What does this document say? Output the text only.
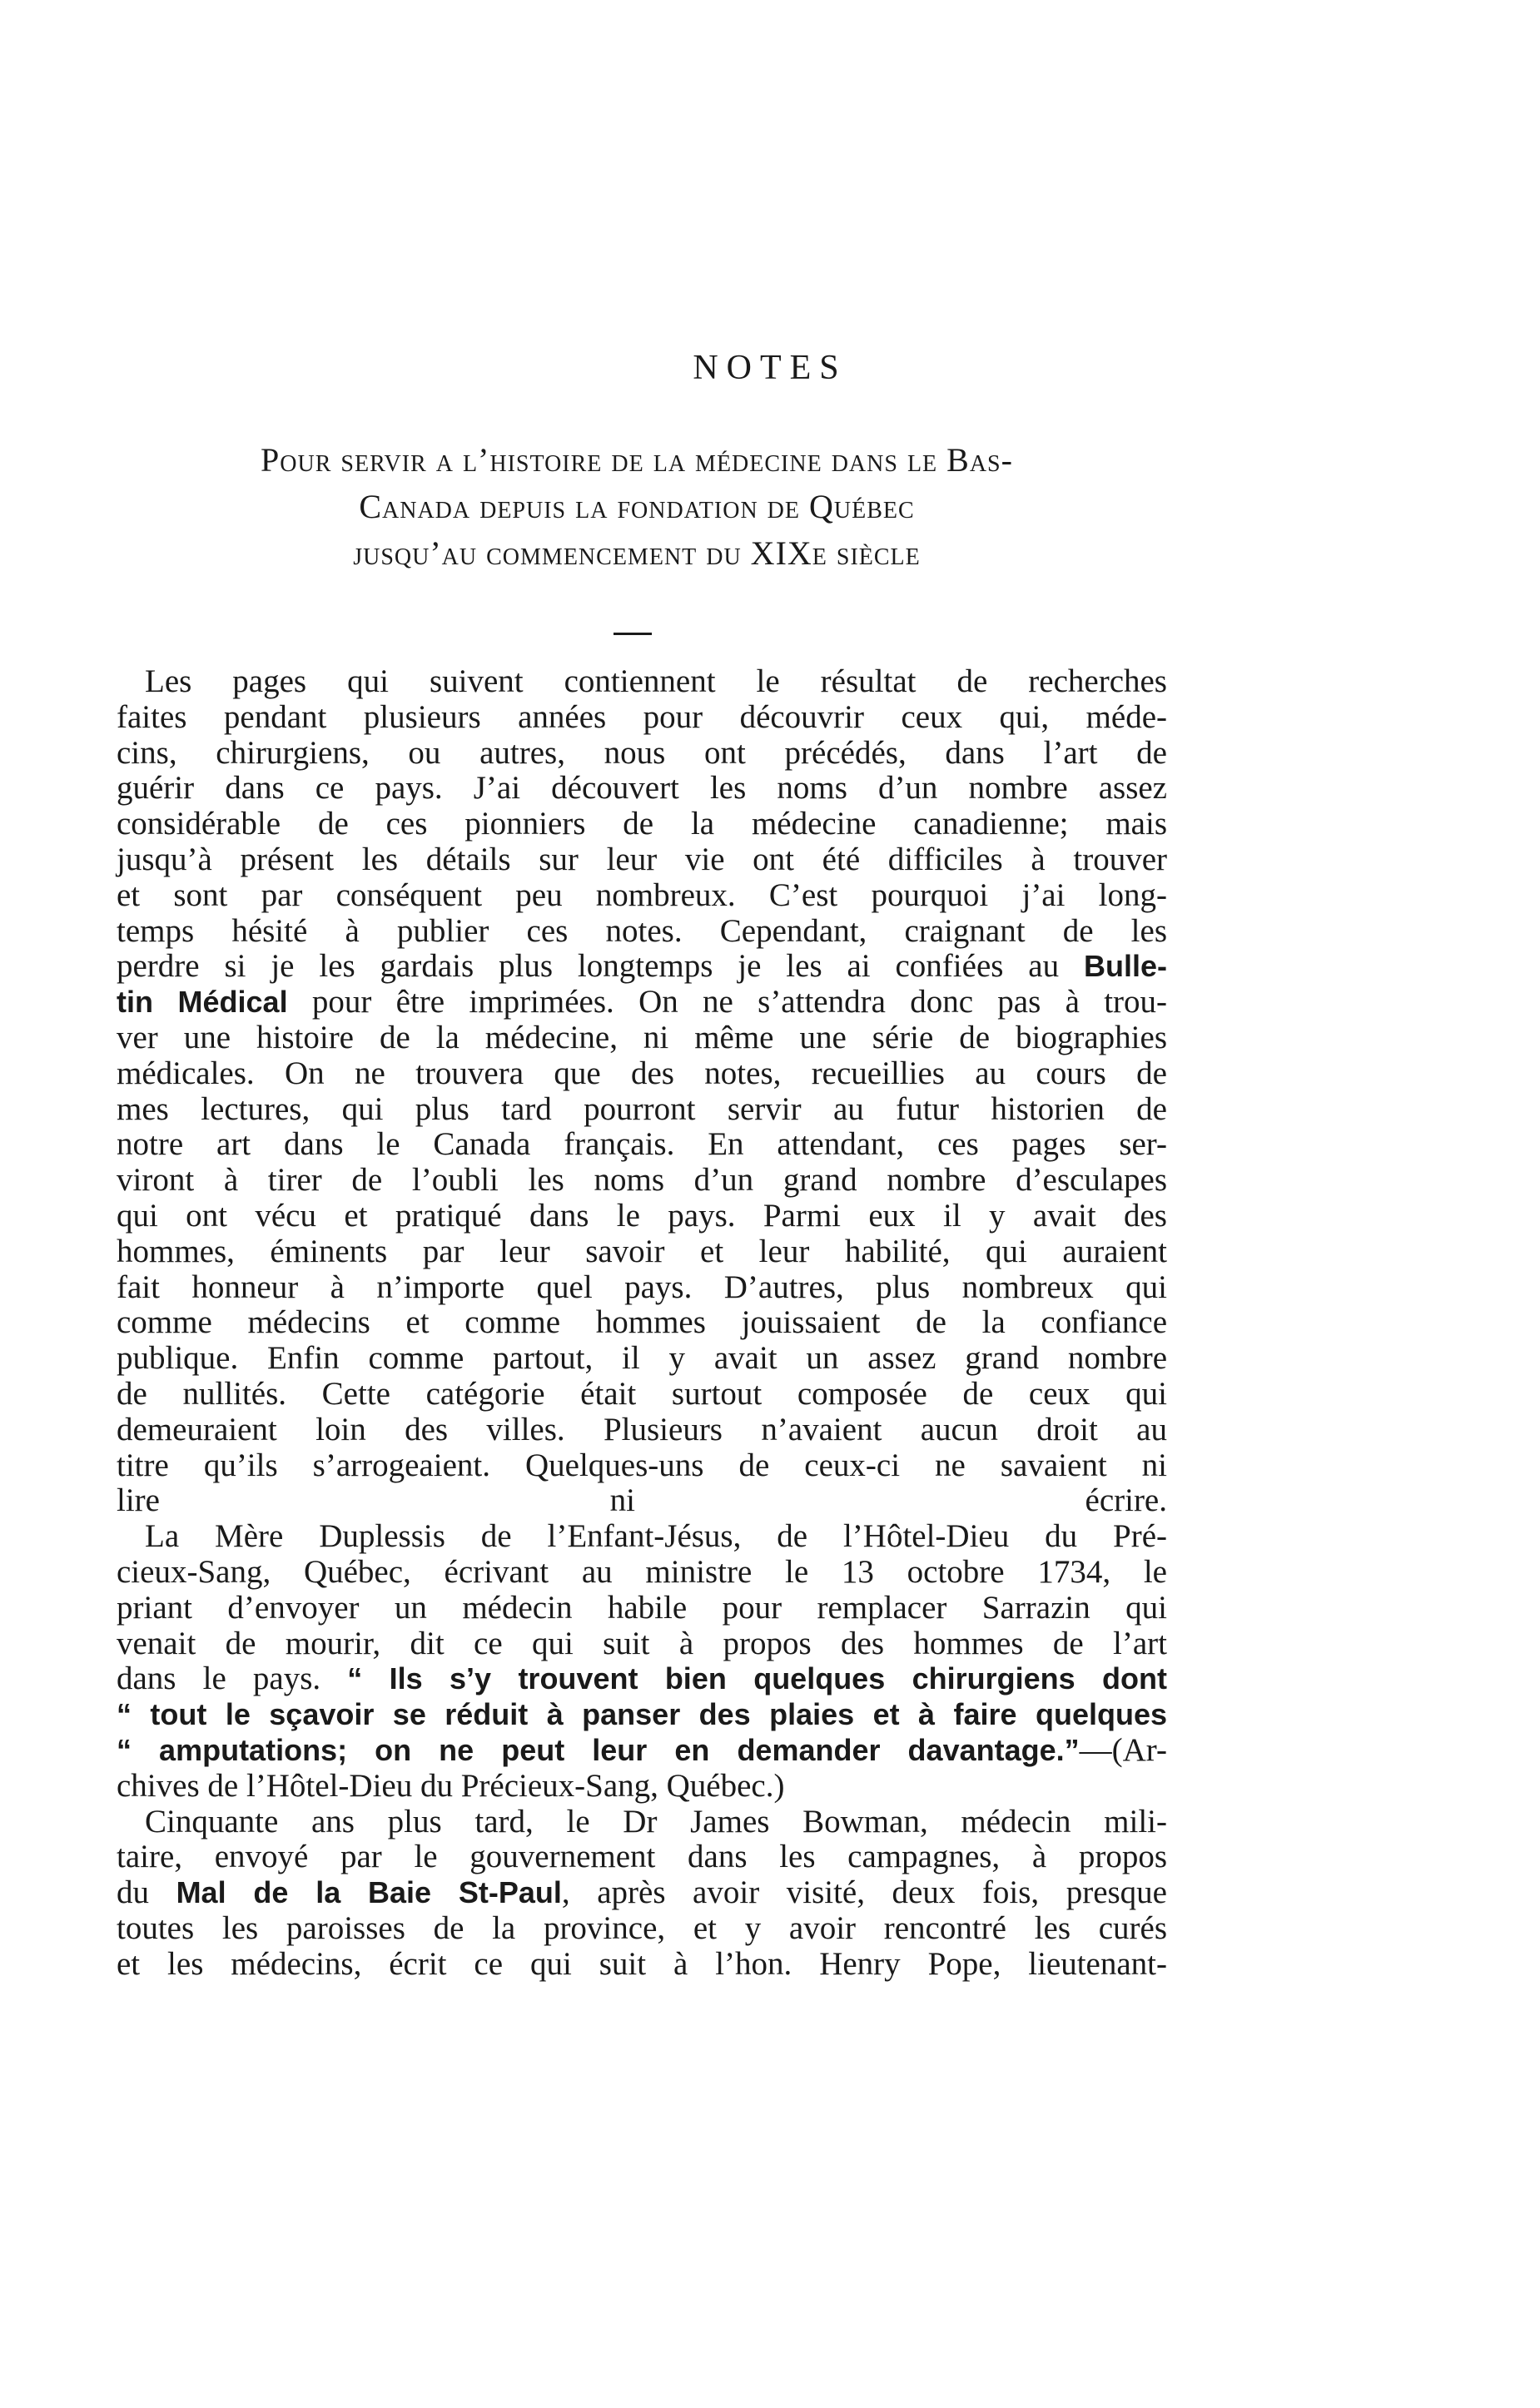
NOTES
Pour servir a l’histoire de la médecine dans le Bas-
Canada depuis la fondation de Québec
jusqu’au commencement du XIXe siècle

Les pages qui suivent contiennent le résultat de recherches
faites pendant plusieurs années pour découvrir ceux qui, méde-
cins, chirurgiens, ou autres, nous ont précédés, dans l’art de
guérir dans ce pays. J’ai découvert les noms d’un nombre assez
considérable de ces pionniers de la médecine canadienne; mais
jusqu’à présent les détails sur leur vie ont été difficiles à trouver
et sont par conséquent peu nombreux. C’est pourquoi j’ai long-
temps hésité à publier ces notes. Cependant, craignant de les
perdre si je les gardais plus longtemps je les ai confiées au Bulle-
tin Médical pour être imprimées. On ne s’attendra donc pas à trou-
ver une histoire de la médecine, ni même une série de biographies
médicales. On ne trouvera que des notes, recueillies au cours de
mes lectures, qui plus tard pourront servir au futur historien de
notre art dans le Canada français. En attendant, ces pages ser-
viront à tirer de l’oubli les noms d’un grand nombre d’esculapes
qui ont vécu et pratiqué dans le pays. Parmi eux il y avait des
hommes, éminents par leur savoir et leur habilité, qui auraient
fait honneur à n’importe quel pays. D’autres, plus nombreux qui
comme médecins et comme hommes jouissaient de la confiance
publique. Enfin comme partout, il y avait un assez grand nombre
de nullités. Cette catégorie était surtout composée de ceux qui
demeuraient loin des villes. Plusieurs n’avaient aucun droit au
titre qu’ils s’arrogeaient. Quelques-uns de ceux-ci ne savaient ni
lire ni écrire.

La Mère Duplessis de l’Enfant-Jésus, de l’Hôtel-Dieu du Pré-
cieux-Sang, Québec, écrivant au ministre le 13 octobre 1734, le
priant d’envoyer un médecin habile pour remplacer Sarrazin qui
venait de mourir, dit ce qui suit à propos des hommes de l’art
dans le pays. “ Ils s’y trouvent bien quelques chirurgiens dont
“ tout le sçavoir se réduit à panser des plaies et à faire quelques
“ amputations; on ne peut leur en demander davantage.”—(Ar-
chives de l’Hôtel-Dieu du Précieux-Sang, Québec.)

Cinquante ans plus tard, le Dr James Bowman, médecin mili-
taire, envoyé par le gouvernement dans les campagnes, à propos
du Mal de la Baie St-Paul, après avoir visité, deux fois, presque
toutes les paroisses de la province, et y avoir rencontré les curés
et les médecins, écrit ce qui suit à l’hon. Henry Pope, lieutenant-
